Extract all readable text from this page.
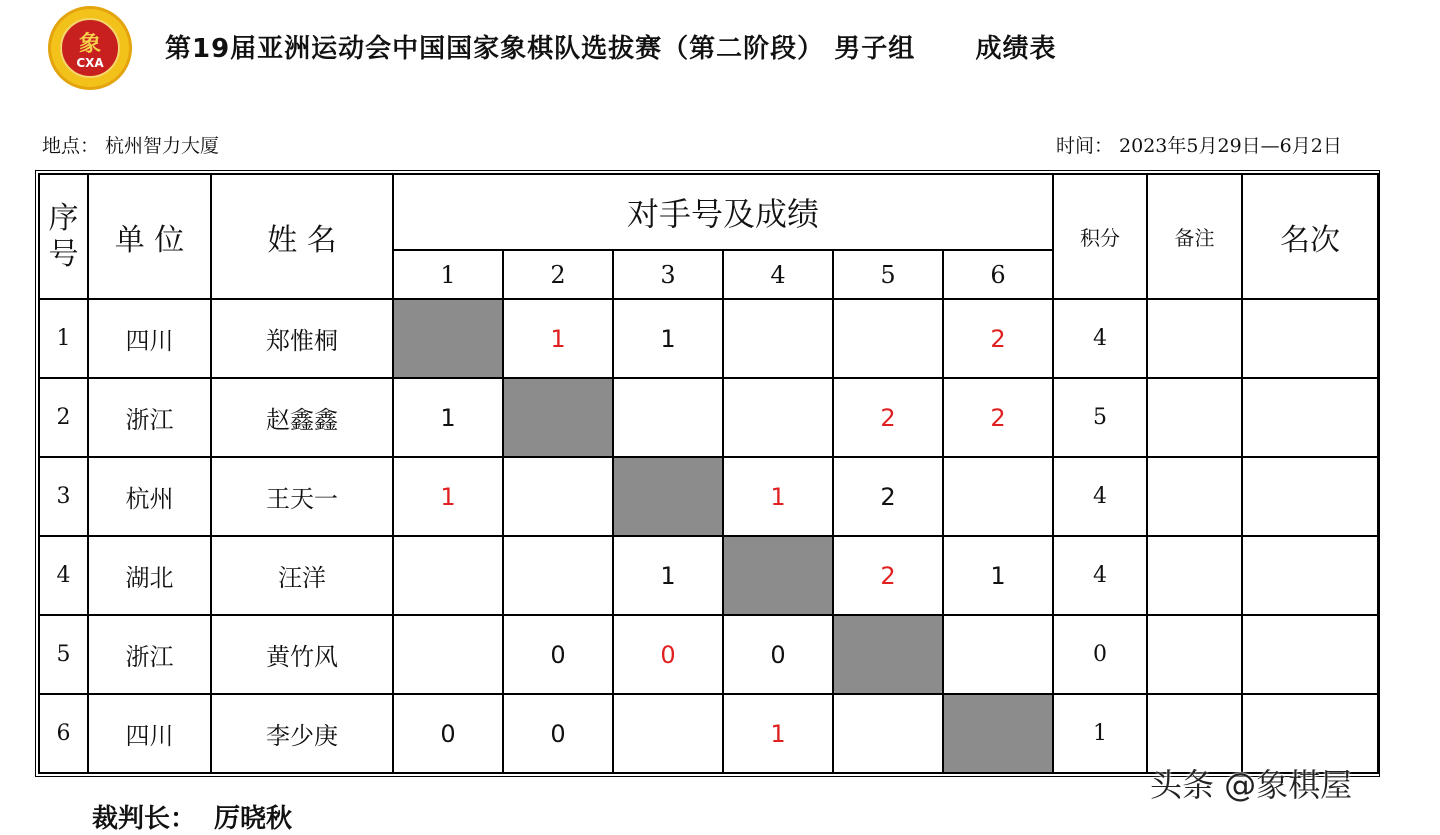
象
CXA	第19届亚洲运动会中国国家象棋队选拔赛（第二阶段） 男子组      成绩表
地点： 杭州智力大厦	时间： 2023年5月29日—6月2日
序
号	单 位	姓 名	对手号及成绩						积分	备注	名次
			1	2	3	4	5	6			
1	四川	郑惟桐		1	1			2	4		
2	浙江	赵鑫鑫	1				2	2	5		
3	杭州	王天一	1			1	2		4		
4	湖北	汪洋			1		2	1	4		
5	浙江	黄竹风		0	0	0			0		
6	四川	李少庚	0	0		1			1		
裁判长： 厉晓秋
头条 @象棋屋
